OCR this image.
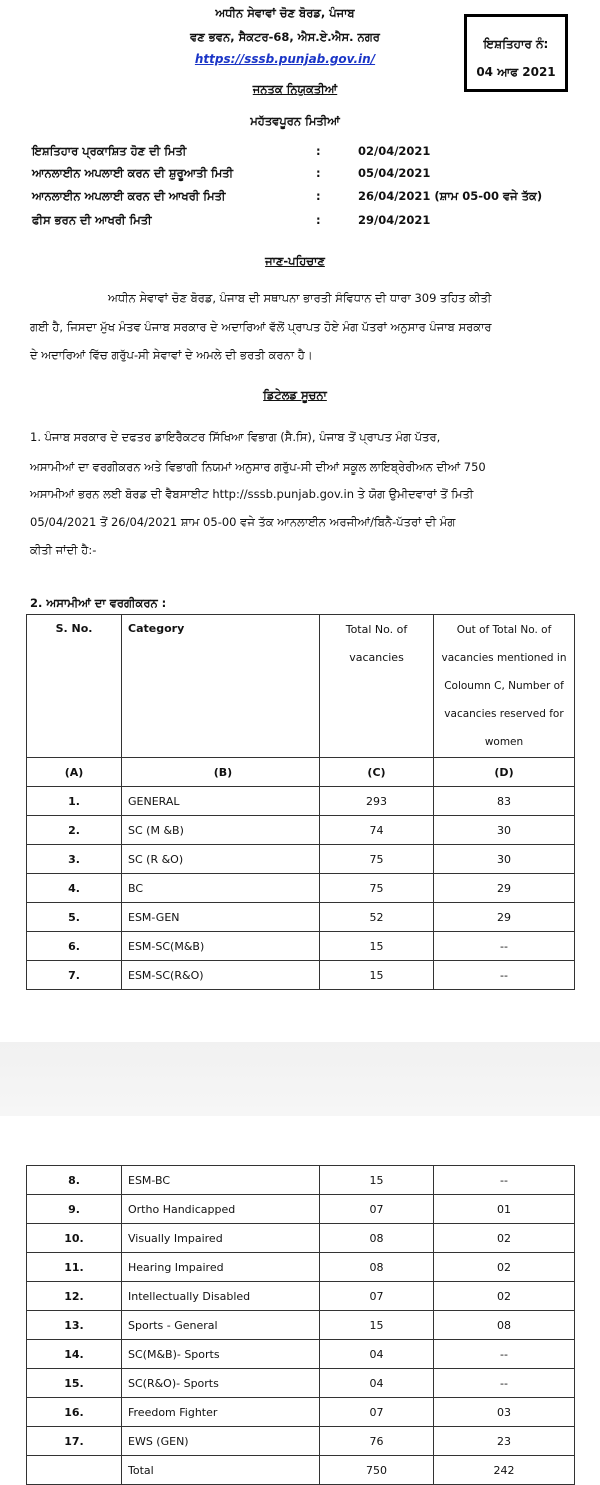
ਅਧੀਨ ਸੇਵਾਵਾਂ ਚੋਣ ਬੋਰਡ, ਪੰਜਾਬ
ਵਣ ਭਵਨ, ਸੈਕਟਰ-68, ਐਸ.ਏ.ਐਸ. ਨਗਰ
https://sssb.punjab.gov.in/
ਜਨਤਕ ਨਿਯੁਕਤੀਆਂ
ਮਹੱਤਵਪੂਰਨ ਮਿਤੀਆਂ
ਇਸ਼ਤਿਹਾਰ ਨੰ:
04 ਆਫ 2021
ਇਸ਼ਤਿਹਾਰ ਪ੍ਰਕਾਸ਼ਿਤ ਹੋਣ ਦੀ ਮਿਤੀ	:	02/04/2021
ਆਨਲਾਈਨ ਅਪਲਾਈ ਕਰਨ ਦੀ ਸ਼ੁਰੂਆਤੀ ਮਿਤੀ	:	05/04/2021
ਆਨਲਾਈਨ ਅਪਲਾਈ ਕਰਨ ਦੀ ਆਖਰੀ ਮਿਤੀ	:	26/04/2021 (ਸ਼ਾਮ 05-00 ਵਜੇ ਤੱਕ)
ਫੀਸ ਭਰਨ ਦੀ ਆਖਰੀ ਮਿਤੀ	:	29/04/2021
ਜਾਣ-ਪਹਿਚਾਣ
ਅਧੀਨ ਸੇਵਾਵਾਂ ਚੋਣ ਬੋਰਡ, ਪੰਜਾਬ ਦੀ ਸਥਾਪਨਾ ਭਾਰਤੀ ਸੰਵਿਧਾਨ ਦੀ ਧਾਰਾ 309 ਤਹਿਤ ਕੀਤੀ
ਗਈ ਹੈ, ਜਿਸਦਾ ਮੁੱਖ ਮੰਤਵ ਪੰਜਾਬ ਸਰਕਾਰ ਦੇ ਅਦਾਰਿਆਂ ਵੱਲੋਂ ਪ੍ਰਾਪਤ ਹੋਏ ਮੰਗ ਪੱਤਰਾਂ ਅਨੁਸਾਰ ਪੰਜਾਬ ਸਰਕਾਰ
ਦੇ ਅਦਾਰਿਆਂ ਵਿੱਚ ਗਰੁੱਪ-ਸੀ ਸੇਵਾਵਾਂ ਦੇ ਅਮਲੇ ਦੀ ਭਰਤੀ ਕਰਨਾ ਹੈ।
ਡਿਟੇਲਡ ਸੂਚਨਾ
1. ਪੰਜਾਬ ਸਰਕਾਰ ਦੇ ਦਫਤਰ ਡਾਇਰੈਕਟਰ ਸਿੱਖਿਆ ਵਿਭਾਗ (ਸੈ.ਸਿ), ਪੰਜਾਬ ਤੋਂ ਪ੍ਰਾਪਤ ਮੰਗ ਪੱਤਰ,
ਅਸਾਮੀਆਂ ਦਾ ਵਰਗੀਕਰਨ ਅਤੇ ਵਿਭਾਗੀ ਨਿਯਮਾਂ ਅਨੁਸਾਰ ਗਰੁੱਪ-ਸੀ ਦੀਆਂ ਸਕੂਲ ਲਾਇਬ੍ਰੇਰੀਅਨ ਦੀਆਂ 750
ਅਸਾਮੀਆਂ ਭਰਨ ਲਈ ਬੋਰਡ ਦੀ ਵੈਬਸਾਈਟ http://sssb.punjab.gov.in ਤੇ ਯੋਗ ਉਮੀਦਵਾਰਾਂ ਤੋਂ ਮਿਤੀ
05/04/2021 ਤੋਂ 26/04/2021 ਸ਼ਾਮ 05-00 ਵਜੇ ਤੱਕ ਆਨਲਾਈਨ ਅਰਜੀਆਂ/ਬਿਨੈ-ਪੱਤਰਾਂ ਦੀ ਮੰਗ
ਕੀਤੀ ਜਾਂਦੀ ਹੈ:-
2. ਅਸਾਮੀਆਂ ਦਾ ਵਰਗੀਕਰਨ :
S. No.	Category	Total No. of vacancies	Out of Total No. of vacancies mentioned in Coloumn C, Number of vacancies reserved for women
(A)	(B)	(C)	(D)
1.	GENERAL	293	83
2.	SC (M &B)	74	30
3.	SC (R &O)	75	30
4.	BC	75	29
5.	ESM-GEN	52	29
6.	ESM-SC(M&B)	15	--
7.	ESM-SC(R&O)	15	--
8.	ESM-BC	15	--
9.	Ortho Handicapped	07	01
10.	Visually Impaired	08	02
11.	Hearing Impaired	08	02
12.	Intellectually Disabled	07	02
13.	Sports - General	15	08
14.	SC(M&B)- Sports	04	--
15.	SC(R&O)- Sports	04	--
16.	Freedom Fighter	07	03
17.	EWS (GEN)	76	23
	Total	750	242
